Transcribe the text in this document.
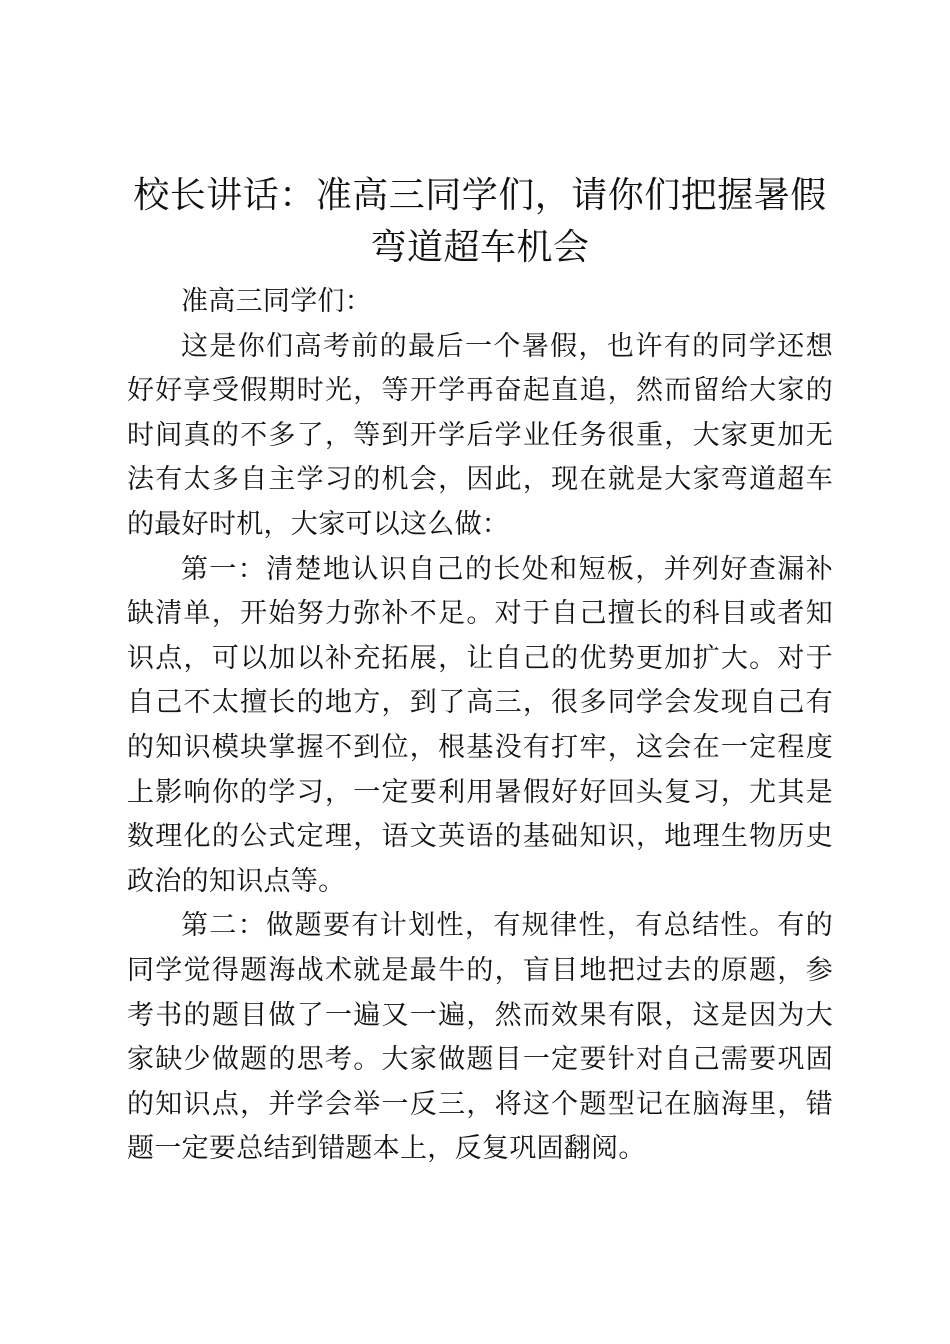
校长讲话：准高三同学们，请你们把握暑假弯道超车机会

准高三同学们：

这是你们高考前的最后一个暑假，也许有的同学还想好好享受假期时光，等开学再奋起直追，然而留给大家的时间真的不多了，等到开学后学业任务很重，大家更加无法有太多自主学习的机会，因此，现在就是大家弯道超车的最好时机，大家可以这么做：

第一：清楚地认识自己的长处和短板，并列好查漏补缺清单，开始努力弥补不足。对于自己擅长的科目或者知识点，可以加以补充拓展，让自己的优势更加扩大。对于自己不太擅长的地方，到了高三，很多同学会发现自己有的知识模块掌握不到位，根基没有打牢，这会在一定程度上影响你的学习，一定要利用暑假好好回头复习，尤其是数理化的公式定理，语文英语的基础知识，地理生物历史政治的知识点等。

第二：做题要有计划性，有规律性，有总结性。有的同学觉得题海战术就是最牛的，盲目地把过去的原题，参考书的题目做了一遍又一遍，然而效果有限，这是因为大家缺少做题的思考。大家做题目一定要针对自己需要巩固的知识点，并学会举一反三，将这个题型记在脑海里，错题一定要总结到错题本上，反复巩固翻阅。
